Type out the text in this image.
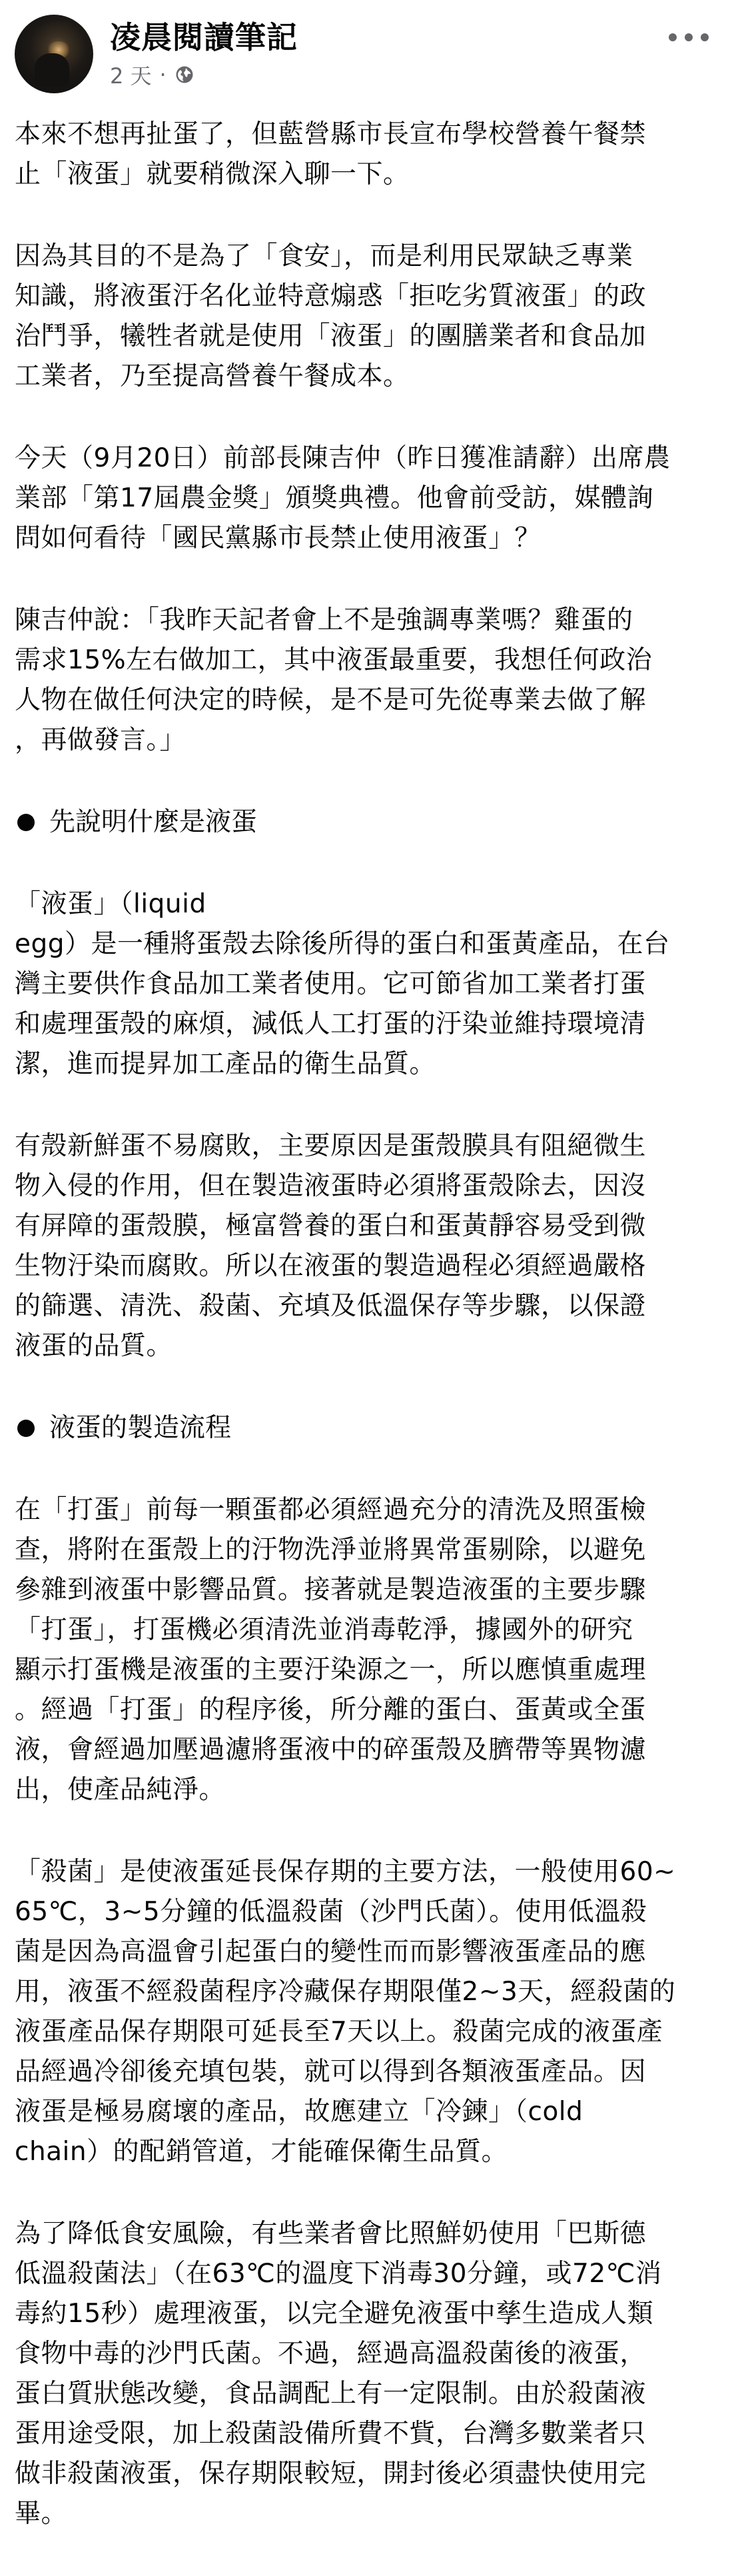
凌晨閱讀筆記
2 天 ·

本來不想再扯蛋了，但藍營縣市長宣布學校營養午餐禁
止「液蛋」就要稍微深入聊一下。

因為其目的不是為了「食安」，而是利用民眾缺乏專業
知識，將液蛋汙名化並特意煽惑「拒吃劣質液蛋」的政
治鬥爭，犧牲者就是使用「液蛋」的團膳業者和食品加
工業者，乃至提高營養午餐成本。

今天（9月20日）前部長陳吉仲（昨日獲准請辭）出席農
業部「第17屆農金獎」頒獎典禮。他會前受訪，媒體詢
問如何看待「國民黨縣市長禁止使用液蛋」？

陳吉仲說：「我昨天記者會上不是強調專業嗎？雞蛋的
需求15%左右做加工，其中液蛋最重要，我想任何政治
人物在做任何決定的時候，是不是可先從專業去做了解
，再做發言。」

先說明什麼是液蛋

「液蛋」（liquid
egg）是一種將蛋殼去除後所得的蛋白和蛋黃產品，在台
灣主要供作食品加工業者使用。它可節省加工業者打蛋
和處理蛋殼的麻煩，減低人工打蛋的汙染並維持環境清
潔，進而提昇加工產品的衛生品質。

有殼新鮮蛋不易腐敗，主要原因是蛋殼膜具有阻絕微生
物入侵的作用，但在製造液蛋時必須將蛋殼除去，因沒
有屏障的蛋殼膜，極富營養的蛋白和蛋黃靜容易受到微
生物汙染而腐敗。所以在液蛋的製造過程必須經過嚴格
的篩選、清洗、殺菌、充填及低溫保存等步驟，以保證
液蛋的品質。

液蛋的製造流程

在「打蛋」前每一顆蛋都必須經過充分的清洗及照蛋檢
查，將附在蛋殼上的汙物洗淨並將異常蛋剔除，以避免
參雜到液蛋中影響品質。接著就是製造液蛋的主要步驟
「打蛋」，打蛋機必須清洗並消毒乾淨，據國外的研究
顯示打蛋機是液蛋的主要汙染源之一，所以應慎重處理
。經過「打蛋」的程序後，所分離的蛋白、蛋黃或全蛋
液，會經過加壓過濾將蛋液中的碎蛋殼及臍帶等異物濾
出，使產品純淨。

「殺菌」是使液蛋延長保存期的主要方法，一般使用60~
65℃，3~5分鐘的低溫殺菌（沙門氏菌）。使用低溫殺
菌是因為高溫會引起蛋白的變性而而影響液蛋產品的應
用，液蛋不經殺菌程序冷藏保存期限僅2~3天，經殺菌的
液蛋產品保存期限可延長至7天以上。殺菌完成的液蛋產
品經過冷卻後充填包裝，就可以得到各類液蛋產品。因
液蛋是極易腐壞的產品，故應建立「冷鍊」（cold
chain）的配銷管道，才能確保衛生品質。

為了降低食安風險，有些業者會比照鮮奶使用「巴斯德
低溫殺菌法」（在63℃的溫度下消毒30分鐘，或72℃消
毒約15秒）處理液蛋，以完全避免液蛋中孳生造成人類
食物中毒的沙門氏菌。不過，經過高溫殺菌後的液蛋，
蛋白質狀態改變，食品調配上有一定限制。由於殺菌液
蛋用途受限，加上殺菌設備所費不貲，台灣多數業者只
做非殺菌液蛋，保存期限較短，開封後必須盡快使用完
畢。
